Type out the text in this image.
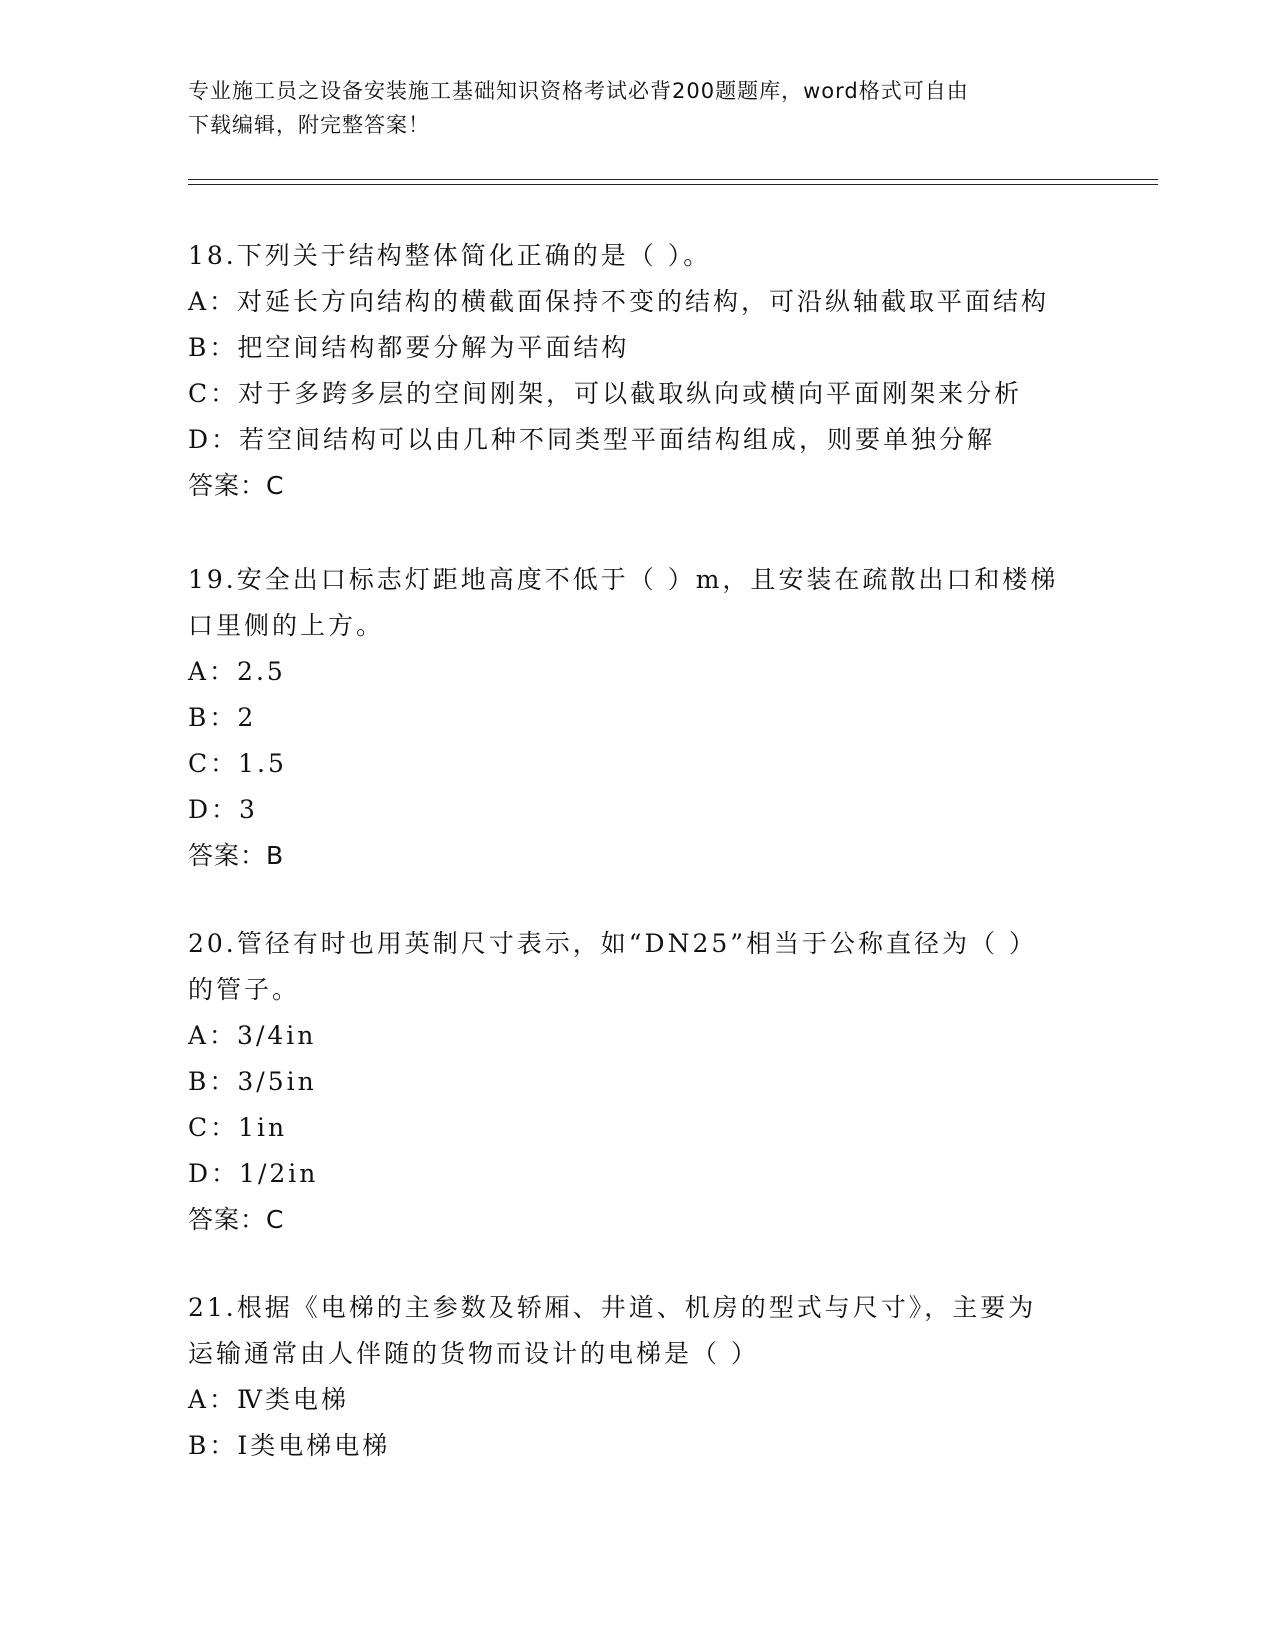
专业施工员之设备安装施工基础知识资格考试必背200题题库，word格式可自由
下载编辑，附完整答案！
18.下列关于结构整体简化正确的是（ ）。
A：对延长方向结构的横截面保持不变的结构，可沿纵轴截取平面结构
B：把空间结构都要分解为平面结构
C：对于多跨多层的空间刚架，可以截取纵向或横向平面刚架来分析
D：若空间结构可以由几种不同类型平面结构组成，则要单独分解
答案：C
19.安全出口标志灯距地高度不低于（ ）m，且安装在疏散出口和楼梯
口里侧的上方。
A：2.5
B：2
C：1.5
D：3
答案：B
20.管径有时也用英制尺寸表示，如“DN25”相当于公称直径为（ ）
的管子。
A：3/4in
B：3/5in
C：1in
D：1/2in
答案：C
21.根据《电梯的主参数及轿厢、井道、机房的型式与尺寸》，主要为
运输通常由人伴随的货物而设计的电梯是（ ）
A：Ⅳ类电梯
B：Ⅰ类电梯电梯
